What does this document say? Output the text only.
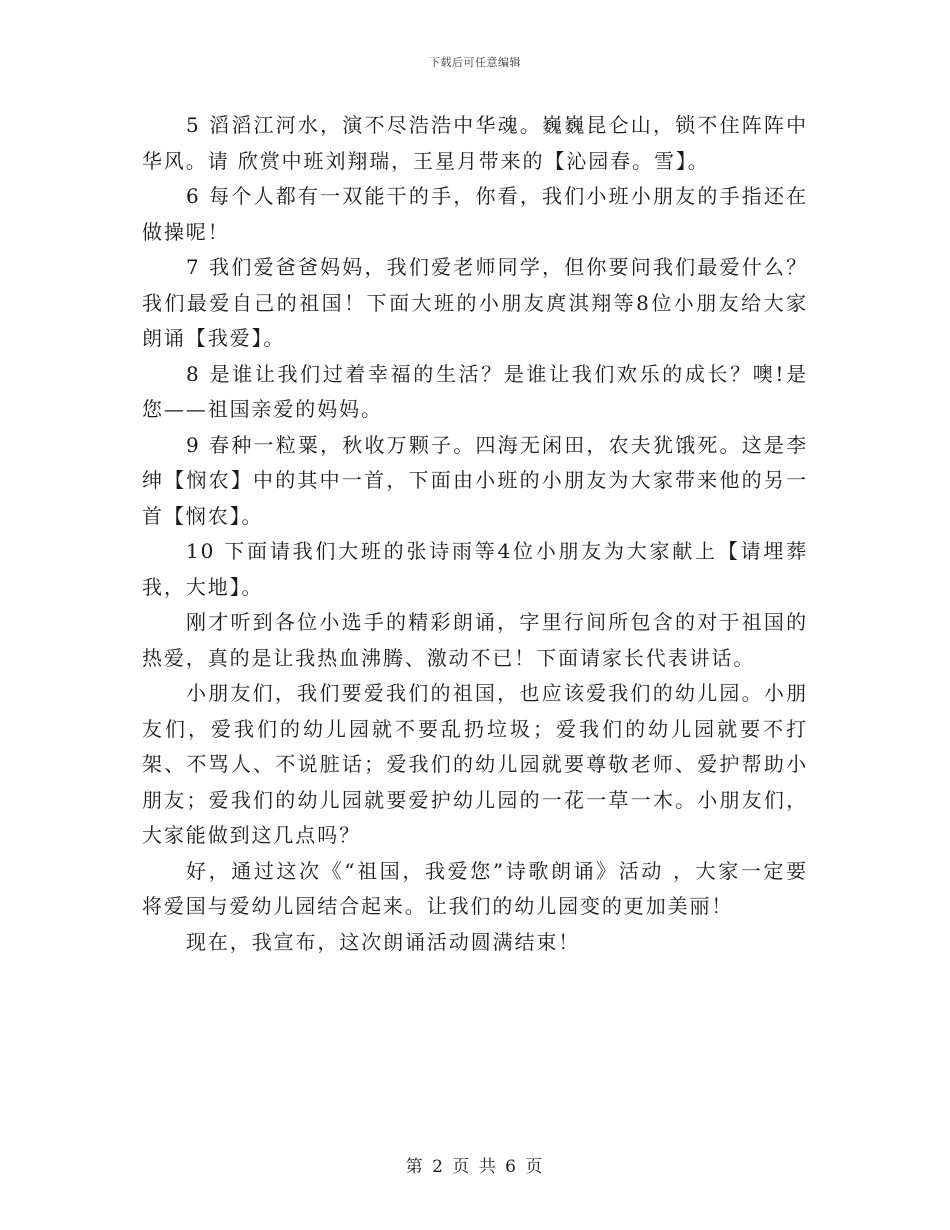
下载后可任意编辑

5 滔滔江河水，演不尽浩浩中华魂。巍巍昆仑山，锁不住阵阵中华风。请 欣赏中班刘翔瑞，王星月带来的【沁园春。雪】。

6 每个人都有一双能干的手，你看，我们小班小朋友的手指还在做操呢！

7 我们爱爸爸妈妈，我们爱老师同学，但你要问我们最爱什么？我们最爱自己的祖国！下面大班的小朋友庹淇翔等8位小朋友给大家朗诵【我爱】。

8 是谁让我们过着幸福的生活？是谁让我们欢乐的成长？噢!是您——祖国亲爱的妈妈。

9 春种一粒粟，秋收万颗子。四海无闲田，农夫犹饿死。这是李绅【悯农】中的其中一首，下面由小班的小朋友为大家带来他的另一首【悯农】。

10 下面请我们大班的张诗雨等4位小朋友为大家献上【请埋葬我，大地】。

刚才听到各位小选手的精彩朗诵，字里行间所包含的对于祖国的热爱，真的是让我热血沸腾、激动不已！下面请家长代表讲话。

小朋友们，我们要爱我们的祖国，也应该爱我们的幼儿园。小朋友们，爱我们的幼儿园就不要乱扔垃圾；爱我们的幼儿园就要不打架、不骂人、不说脏话；爱我们的幼儿园就要尊敬老师、爱护帮助小朋友；爱我们的幼儿园就要爱护幼儿园的一花一草一木。小朋友们，大家能做到这几点吗？

好，通过这次《“祖国，我爱您”诗歌朗诵》活动 ，大家一定要将爱国与爱幼儿园结合起来。让我们的幼儿园变的更加美丽！

现在，我宣布，这次朗诵活动圆满结束！

第 2 页 共 6 页
